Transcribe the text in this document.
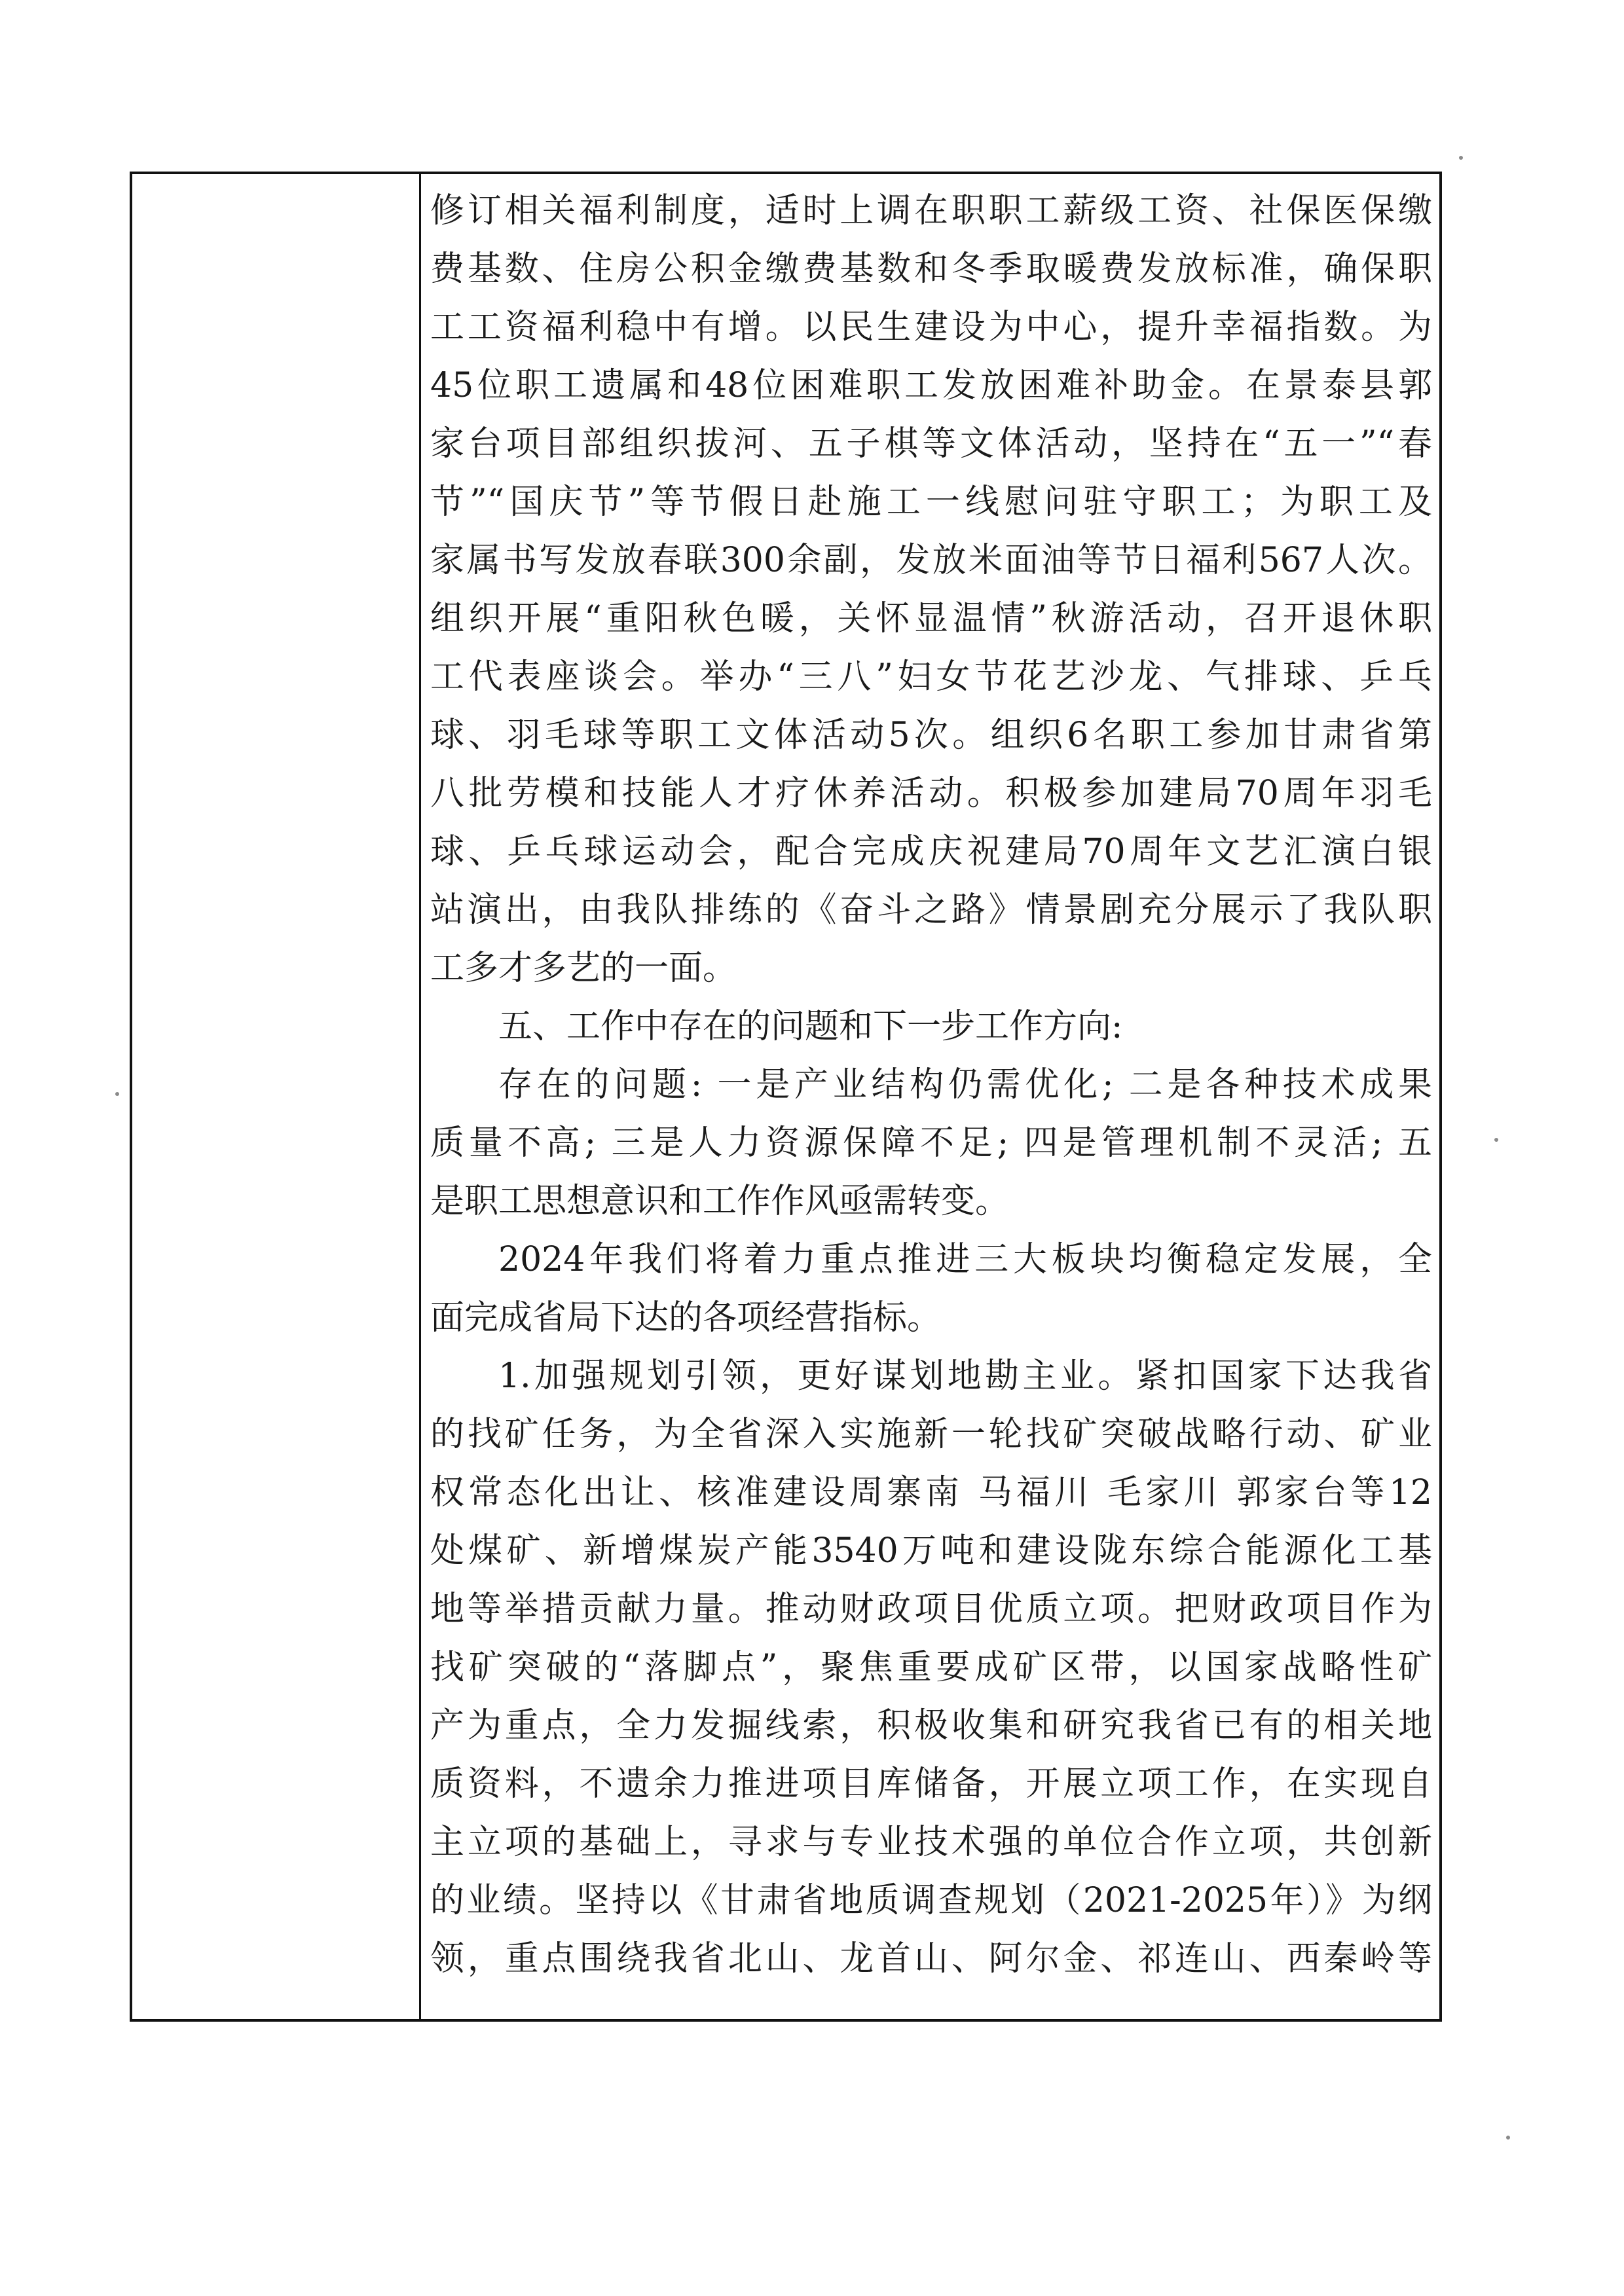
修订相关福利制度，适时上调在职职工薪级工资、社保医保缴
费基数、住房公积金缴费基数和冬季取暖费发放标准，确保职
工工资福利稳中有增。以民生建设为中心，提升幸福指数。为
45位职工遗属和48位困难职工发放困难补助金。在景泰县郭
家台项目部组织拔河、五子棋等文体活动，坚持在“五一”“春
节”“国庆节”等节假日赴施工一线慰问驻守职工；为职工及
家属书写发放春联300余副，发放米面油等节日福利567人次。
组织开展“重阳秋色暖，关怀显温情”秋游活动，召开退休职
工代表座谈会。举办“三八”妇女节花艺沙龙、气排球、乒乓
球、羽毛球等职工文体活动5次。组织6名职工参加甘肃省第
八批劳模和技能人才疗休养活动。积极参加建局70周年羽毛
球、乒乓球运动会，配合完成庆祝建局70周年文艺汇演白银
站演出，由我队排练的《奋斗之路》情景剧充分展示了我队职
工多才多艺的一面。
五、工作中存在的问题和下一步工作方向:
存在的问题: 一是产业结构仍需优化; 二是各种技术成果
质量不高; 三是人力资源保障不足; 四是管理机制不灵活; 五
是职工思想意识和工作作风亟需转变。
2024年我们将着力重点推进三大板块均衡稳定发展，全
面完成省局下达的各项经营指标。
1.加强规划引领，更好谋划地勘主业。紧扣国家下达我省
的找矿任务，为全省深入实施新一轮找矿突破战略行动、矿业
权常态化出让、核准建设周寨南 马福川 毛家川 郭家台等12
处煤矿、新增煤炭产能3540万吨和建设陇东综合能源化工基
地等举措贡献力量。推动财政项目优质立项。把财政项目作为
找矿突破的“落脚点”，聚焦重要成矿区带，以国家战略性矿
产为重点，全力发掘线索，积极收集和研究我省已有的相关地
质资料，不遗余力推进项目库储备，开展立项工作，在实现自
主立项的基础上，寻求与专业技术强的单位合作立项，共创新
的业绩。坚持以《甘肃省地质调查规划（2021-2025年）》为纲
领，重点围绕我省北山、龙首山、阿尔金、祁连山、西秦岭等
